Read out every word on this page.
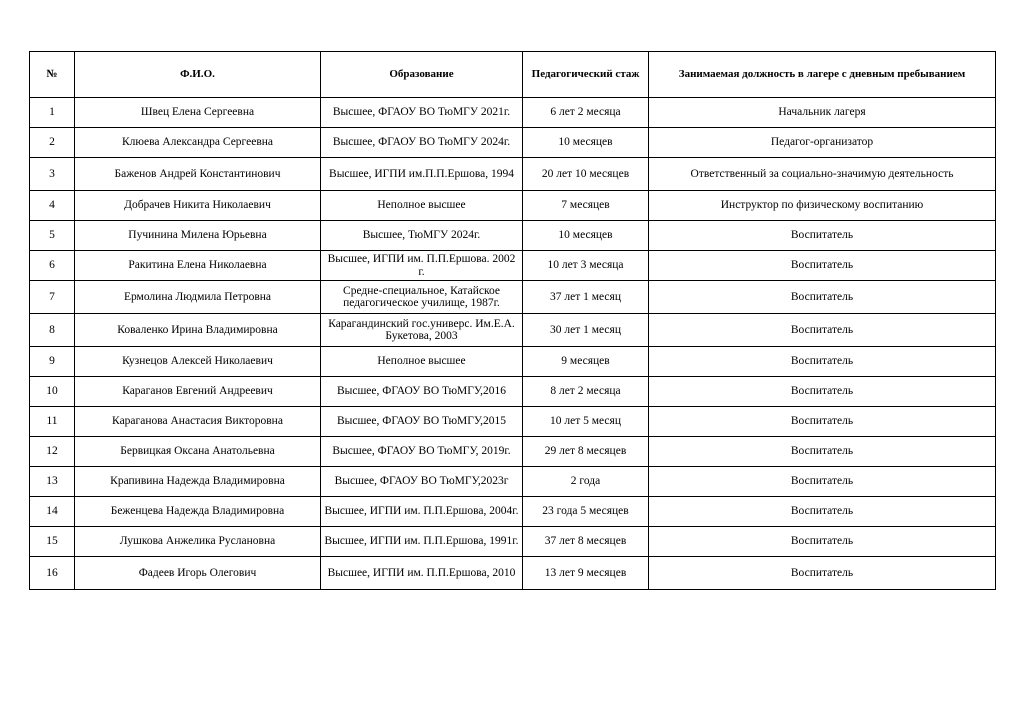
№	Ф.И.О.	Образование	Педагогический стаж	Занимаемая должность в лагере с дневным пребыванием
1	Швец Елена Сергеевна	Высшее, ФГАОУ ВО ТюМГУ 2021г.	6 лет 2 месяца	Начальник лагеря
2	Клюева Александра Сергеевна	Высшее, ФГАОУ ВО ТюМГУ 2024г.	10 месяцев	Педагог-организатор
3	Баженов Андрей Константинович	Высшее, ИГПИ им.П.П.Ершова, 1994	20 лет 10 месяцев	Ответственный за социально-значимую деятельность
4	Добрачев Никита Николаевич	Неполное высшее	7 месяцев	Инструктор по физическому воспитанию
5	Пучинина Милена Юрьевна	Высшее, ТюМГУ 2024г.	10 месяцев	Воспитатель
6	Ракитина Елена Николаевна	Высшее, ИГПИ им. П.П.Ершова. 2002 г.	10 лет 3 месяца	Воспитатель
7	Ермолина Людмила Петровна	Средне-специальное, Катайское педагогическое училище, 1987г.	37 лет 1 месяц	Воспитатель
8	Коваленко Ирина Владимировна	Карагандинский гос.универс. Им.Е.А. Букетова, 2003	30 лет 1 месяц	Воспитатель
9	Кузнецов Алексей Николаевич	Неполное высшее	9 месяцев	Воспитатель
10	Караганов Евгений Андреевич	Высшее, ФГАОУ ВО ТюМГУ,2016	8 лет 2 месяца	Воспитатель
11	Караганова Анастасия Викторовна	Высшее, ФГАОУ ВО ТюМГУ,2015	10 лет 5 месяц	Воспитатель
12	Бервицкая Оксана Анатольевна	Высшее, ФГАОУ ВО ТюМГУ, 2019г.	29 лет 8 месяцев	Воспитатель
13	Крапивина Надежда Владимировна	Высшее, ФГАОУ ВО ТюМГУ,2023г	2 года	Воспитатель
14	Беженцева Надежда Владимировна	Высшее, ИГПИ им. П.П.Ершова, 2004г.	23 года 5 месяцев	Воспитатель
15	Лушкова Анжелика Руслановна	Высшее, ИГПИ им. П.П.Ершова, 1991г.	37 лет 8 месяцев	Воспитатель
16	Фадеев Игорь Олегович	Высшее, ИГПИ им. П.П.Ершова, 2010	13 лет 9 месяцев	Воспитатель
